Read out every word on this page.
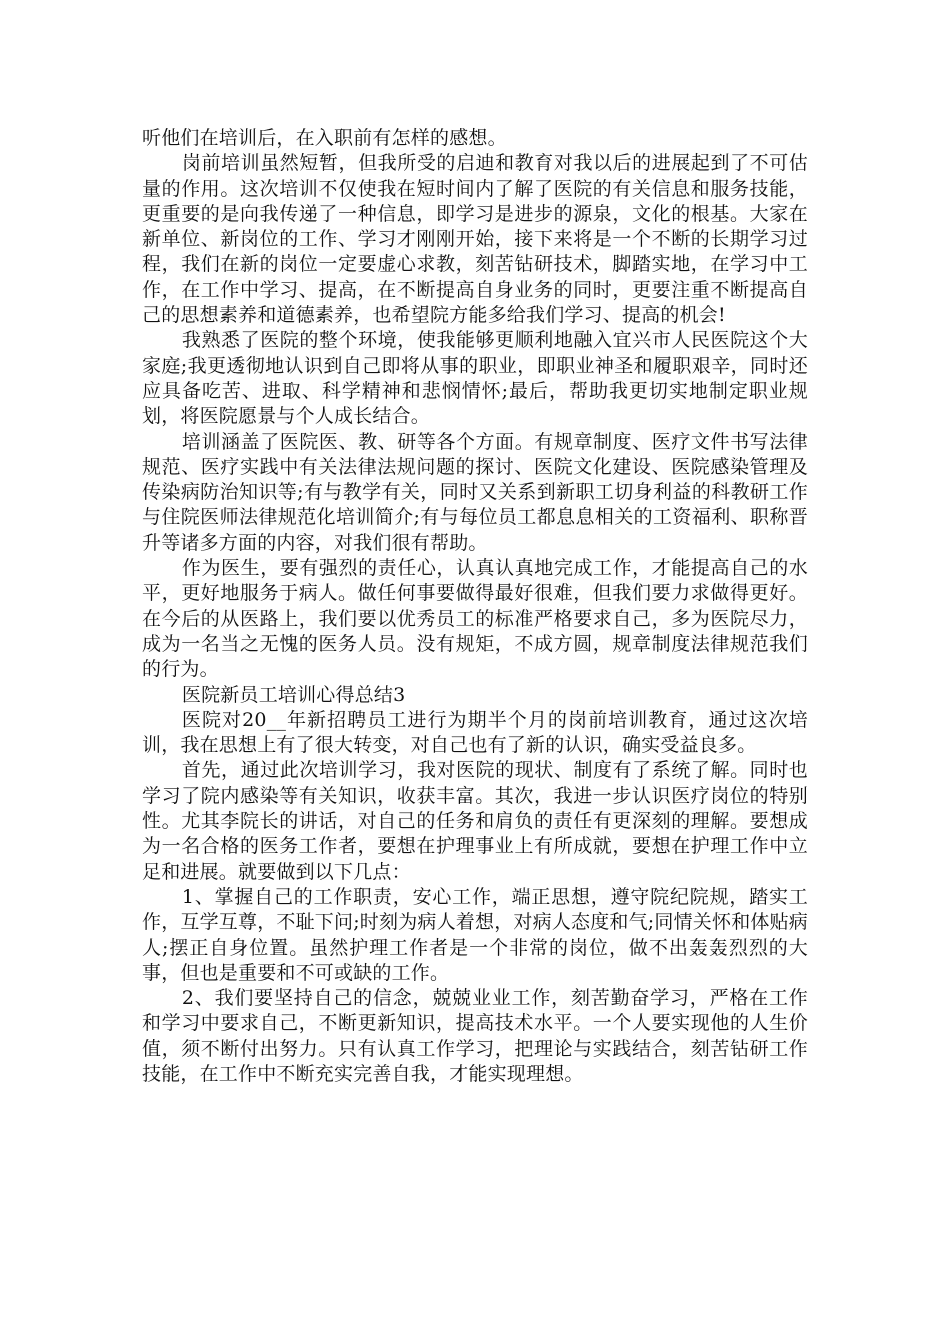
听他们在培训后，在入职前有怎样的感想。

岗前培训虽然短暂，但我所受的启迪和教育对我以后的进展起到了不可估量的作用。这次培训不仅使我在短时间内了解了医院的有关信息和服务技能，更重要的是向我传递了一种信息，即学习是进步的源泉，文化的根基。大家在新单位、新岗位的工作、学习才刚刚开始，接下来将是一个不断的长期学习过程，我们在新的岗位一定要虚心求教，刻苦钻研技术，脚踏实地，在学习中工作，在工作中学习、提高，在不断提高自身业务的同时，更要注重不断提高自己的思想素养和道德素养，也希望院方能多给我们学习、提高的机会!

我熟悉了医院的整个环境，使我能够更顺利地融入宜兴市人民医院这个大家庭;我更透彻地认识到自己即将从事的职业，即职业神圣和履职艰辛，同时还应具备吃苦、进取、科学精神和悲悯情怀;最后，帮助我更切实地制定职业规划，将医院愿景与个人成长结合。

培训涵盖了医院医、教、研等各个方面。有规章制度、医疗文件书写法律规范、医疗实践中有关法律法规问题的探讨、医院文化建设、医院感染管理及传染病防治知识等;有与教学有关，同时又关系到新职工切身利益的科教研工作与住院医师法律规范化培训简介;有与每位员工都息息相关的工资福利、职称晋升等诸多方面的内容，对我们很有帮助。

作为医生，要有强烈的责任心，认真认真地完成工作，才能提高自己的水平，更好地服务于病人。做任何事要做得最好很难，但我们要力求做得更好。在今后的从医路上，我们要以优秀员工的标准严格要求自己，多为医院尽力，成为一名当之无愧的医务人员。没有规矩，不成方圆，规章制度法律规范我们的行为。

医院新员工培训心得总结3

医院对20__年新招聘员工进行为期半个月的岗前培训教育，通过这次培训，我在思想上有了很大转变，对自己也有了新的认识，确实受益良多。

首先，通过此次培训学习，我对医院的现状、制度有了系统了解。同时也学习了院内感染等有关知识，收获丰富。其次，我进一步认识医疗岗位的特别性。尤其李院长的讲话，对自己的任务和肩负的责任有更深刻的理解。要想成为一名合格的医务工作者，要想在护理事业上有所成就，要想在护理工作中立足和进展。就要做到以下几点：

1、掌握自己的工作职责，安心工作，端正思想，遵守院纪院规，踏实工作，互学互尊，不耻下问;时刻为病人着想，对病人态度和气;同情关怀和体贴病人;摆正自身位置。虽然护理工作者是一个非常的岗位，做不出轰轰烈烈的大事，但也是重要和不可或缺的工作。

2、我们要坚持自己的信念，兢兢业业工作，刻苦勤奋学习，严格在工作和学习中要求自己，不断更新知识，提高技术水平。一个人要实现他的人生价值，须不断付出努力。只有认真工作学习，把理论与实践结合，刻苦钻研工作技能，在工作中不断充实完善自我，才能实现理想。
